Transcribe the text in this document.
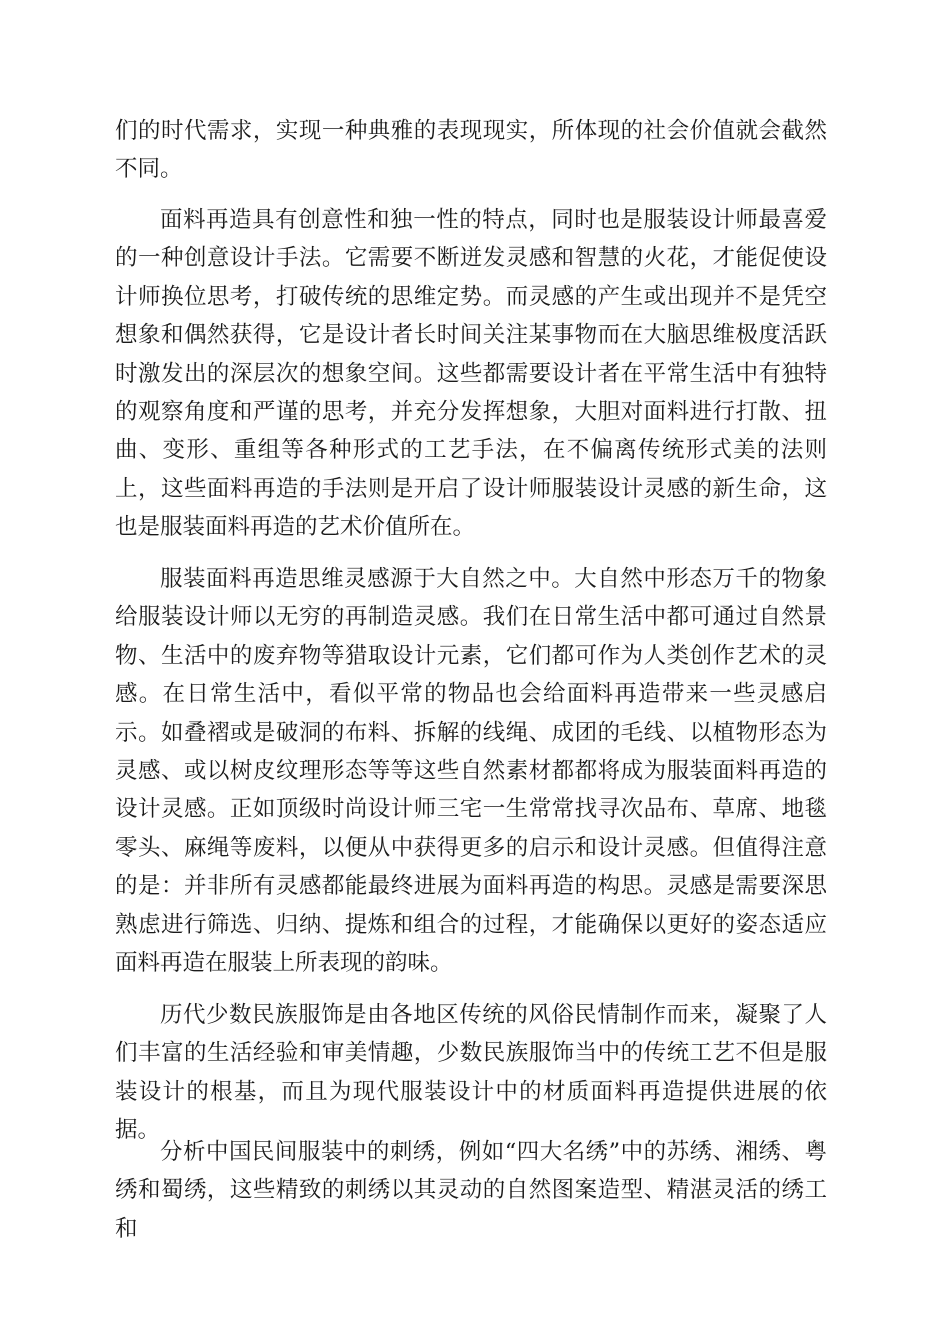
们的时代需求，实现一种典雅的表现现实，所体现的社会价值就会截然不同。

面料再造具有创意性和独一性的特点，同时也是服装设计师最喜爱的一种创意设计手法。它需要不断迸发灵感和智慧的火花，才能促使设计师换位思考，打破传统的思维定势。而灵感的产生或出现并不是凭空想象和偶然获得，它是设计者长时间关注某事物而在大脑思维极度活跃时激发出的深层次的想象空间。这些都需要设计者在平常生活中有独特的观察角度和严谨的思考，并充分发挥想象，大胆对面料进行打散、扭曲、变形、重组等各种形式的工艺手法，在不偏离传统形式美的法则上，这些面料再造的手法则是开启了设计师服装设计灵感的新生命，这也是服装面料再造的艺术价值所在。

服装面料再造思维灵感源于大自然之中。大自然中形态万千的物象给服装设计师以无穷的再制造灵感。我们在日常生活中都可通过自然景物、生活中的废弃物等猎取设计元素，它们都可作为人类创作艺术的灵感。在日常生活中，看似平常的物品也会给面料再造带来一些灵感启示。如叠褶或是破洞的布料、拆解的线绳、成团的毛线、以植物形态为灵感、或以树皮纹理形态等等这些自然素材都都将成为服装面料再造的设计灵感。正如顶级时尚设计师三宅一生常常找寻次品布、草席、地毯零头、麻绳等废料，以便从中获得更多的启示和设计灵感。但值得注意的是：并非所有灵感都能最终进展为面料再造的构思。灵感是需要深思熟虑进行筛选、归纳、提炼和组合的过程，才能确保以更好的姿态适应面料再造在服装上所表现的韵味。

历代少数民族服饰是由各地区传统的风俗民情制作而来，凝聚了人们丰富的生活经验和审美情趣，少数民族服饰当中的传统工艺不但是服装设计的根基，而且为现代服装设计中的材质面料再造提供进展的依据。

分析中国民间服装中的刺绣，例如“四大名绣”中的苏绣、湘绣、粤绣和蜀绣，这些精致的刺绣以其灵动的自然图案造型、精湛灵活的绣工和
